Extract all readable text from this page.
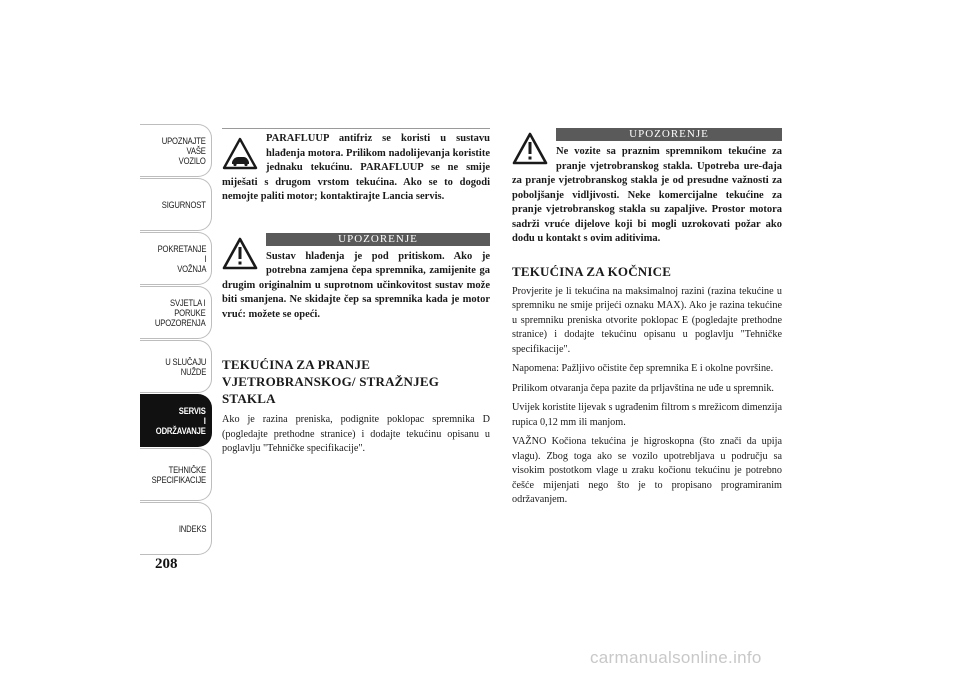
UPOZNAJTE
VAŠE
VOZILO
SIGURNOST
POKRETANJE
I
VOŽNJA
SVJETLA I
PORUKE
UPOZORENJA
U SLUČAJU
NUŽDE
SERVIS
I
ODRŽAVANJE
TEHNIČKE
SPECIFIKACIJE
INDEKS
208
PARAFLUUP antifriz se koristi u sustavu hlađenja motora. Prilikom nadolijevanja koristite jednaku tekućinu. PARAFLUUP se ne smije miješati s drugom vrstom tekućina. Ako se to dogodi nemojte paliti motor; kontaktirajte Lancia servis.
UPOZORENJE
Sustav hlađenja je pod pritiskom. Ako je potrebna zamjena čepa spremnika, zamijenite ga drugim originalnim u suprotnom učinkovitost sustav može biti smanjena. Ne skidajte čep sa spremnika kada je motor vruć: možete se opeći.
TEKUĆINA ZA PRANJE VJETROBRANSKOG/ STRAŽNJEG STAKLA

Ako je razina preniska, podignite poklopac spremnika D (pogledajte prethodne stranice) i dodajte tekućinu opisanu u poglavlju "Tehničke specifikacije".

UPOZORENJE
Ne vozite sa praznim spremnikom tekućine za pranje vjetrobranskog stakla. Upotreba ure-đaja za pranje vjetrobranskog stakla je od presudne važnosti za poboljšanje vidljivosti. Neke komercijalne tekućine za pranje vjetrobranskog stakla su zapaljive. Prostor motora sadrži vruće dijelove koji bi mogli uzrokovati požar ako dođu u kontakt s ovim aditivima.
TEKUĆINA ZA KOČNICE

Provjerite je li tekućina na maksimalnoj razini (razina tekućine u spremniku ne smije prijeći oznaku MAX). Ako je razina tekućine u spremniku preniska otvorite poklopac E (pogledajte prethodne stranice) i dodajte tekućinu opisanu u poglavlju "Tehničke specifikacije".

Napomena: Pažljivo očistite čep spremnika E i okolne površine.

Prilikom otvaranja čepa pazite da prljavština ne uđe u spremnik.

Uvijek koristite lijevak s ugrađenim filtrom s mrežicom dimenzija rupica 0,12 mm ili manjom.

VAŽNO Kočiona tekućina je higroskopna (što znači da upija vlagu). Zbog toga ako se vozilo upotrebljava u području sa visokim postotkom vlage u zraku kočionu tekućinu je potrebno češće mijenjati nego što je to propisano programiranim održavanjem.

carmanualsonline.info
